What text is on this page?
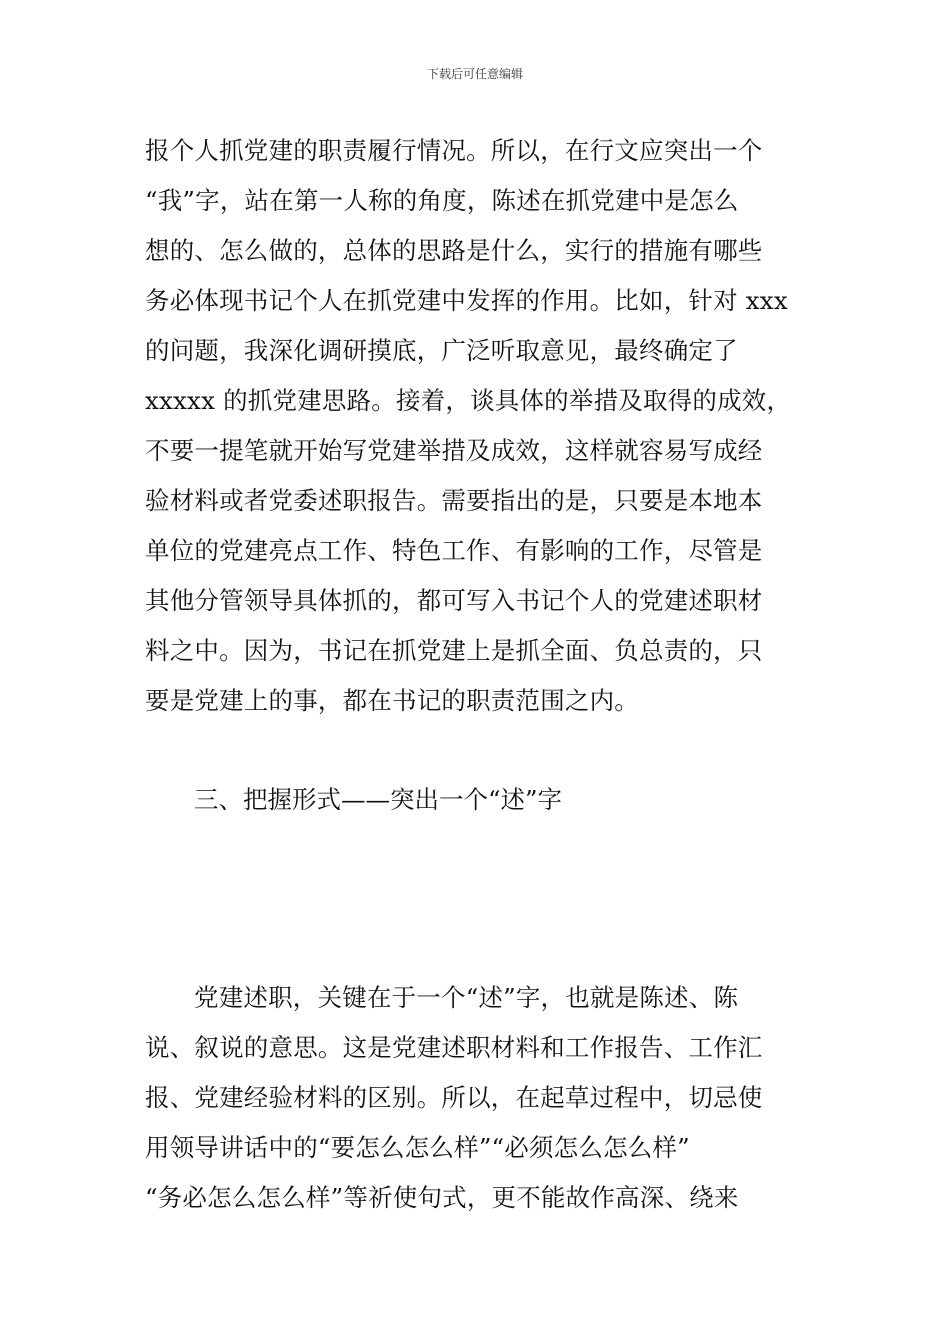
下载后可任意编辑
报个人抓党建的职责履行情况。所以，在行文应突出一个
“我”字，站在第一人称的角度，陈述在抓党建中是怎么
想的、怎么做的，总体的思路是什么，实行的措施有哪些
务必体现书记个人在抓党建中发挥的作用。比如，针对 xxx
的问题，我深化调研摸底，广泛听取意见，最终确定了
xxxxx 的抓党建思路。接着，谈具体的举措及取得的成效，
不要一提笔就开始写党建举措及成效，这样就容易写成经
验材料或者党委述职报告。需要指出的是，只要是本地本
单位的党建亮点工作、特色工作、有影响的工作，尽管是
其他分管领导具体抓的，都可写入书记个人的党建述职材
料之中。因为，书记在抓党建上是抓全面、负总责的，只
要是党建上的事，都在书记的职责范围之内。
三、把握形式——突出一个“述”字
党建述职，关键在于一个“述”字，也就是陈述、陈
说、叙说的意思。这是党建述职材料和工作报告、工作汇
报、党建经验材料的区别。所以，在起草过程中，切忌使
用领导讲话中的“要怎么怎么样”“必须怎么怎么样”
“务必怎么怎么样”等祈使句式，更不能故作高深、绕来
